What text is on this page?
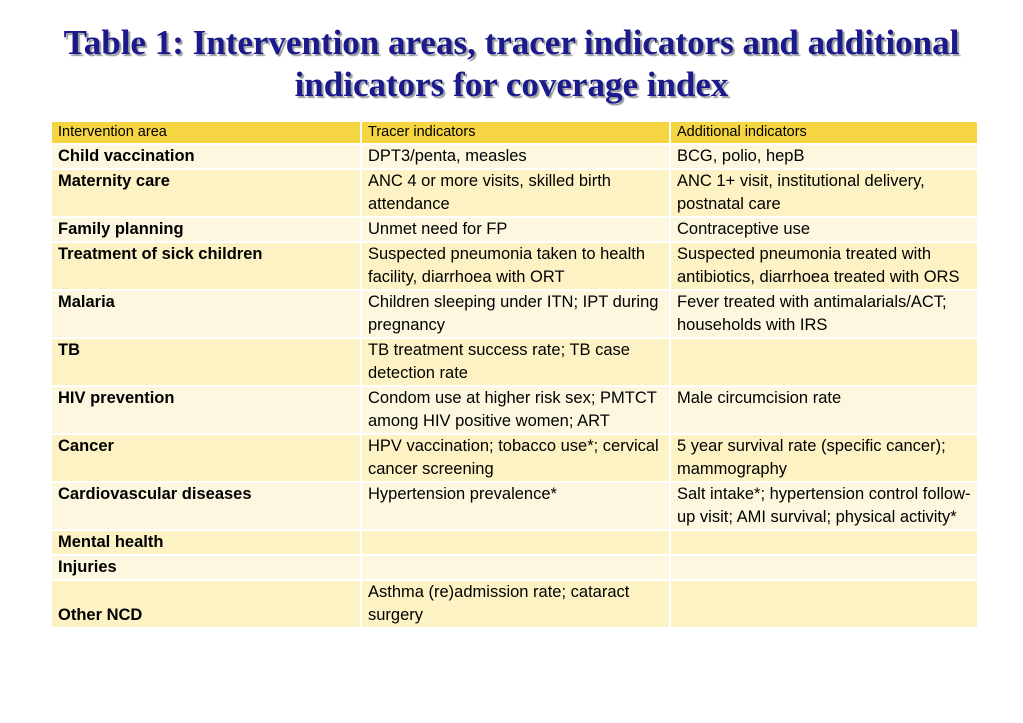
Table 1: Intervention areas, tracer indicators and additional
indicators for coverage index
Intervention area	Tracer indicators	Additional indicators
Child vaccination	DPT3/penta, measles	BCG, polio, hepB
Maternity care	ANC 4 or more visits, skilled birth attendance	ANC 1+ visit, institutional delivery, postnatal care
Family planning	Unmet need for FP	Contraceptive use
Treatment of sick children	Suspected pneumonia taken to health facility, diarrhoea with ORT	Suspected pneumonia treated with antibiotics, diarrhoea treated with ORS
Malaria	Children sleeping under ITN; IPT during pregnancy	Fever treated with antimalarials/ACT; households with IRS
TB	TB treatment success rate; TB case detection rate	
HIV prevention	Condom use at higher risk sex; PMTCT among HIV positive women; ART	Male circumcision rate
Cancer	HPV vaccination; tobacco use*; cervical cancer screening	5 year survival rate (specific cancer); mammography
Cardiovascular diseases	Hypertension prevalence*	Salt intake*; hypertension control follow-up visit; AMI survival; physical activity*
Mental health		
Injuries		
Other NCD	Asthma (re)admission rate; cataract surgery	
